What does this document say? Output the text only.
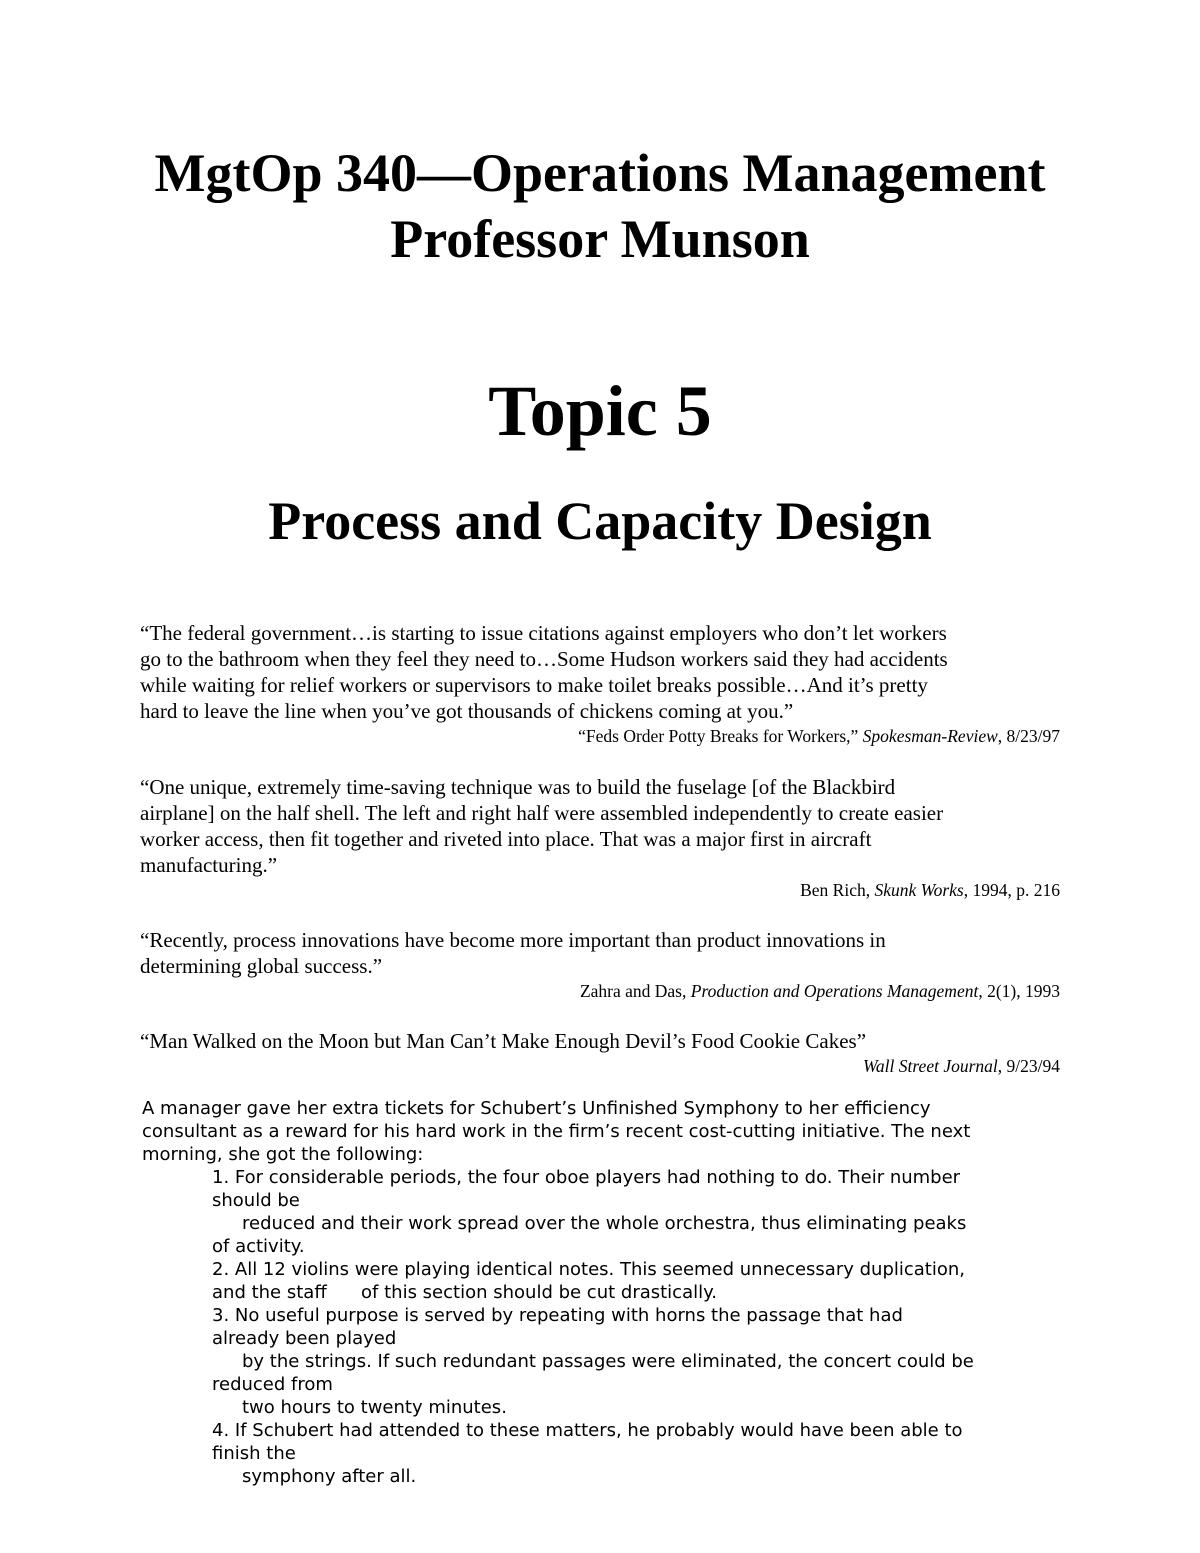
MgtOp 340—Operations Management
Professor Munson
Topic 5
Process and Capacity Design
“The federal government…is starting to issue citations against employers who don’t let workers
go to the bathroom when they feel they need to…Some Hudson workers said they had accidents
while waiting for relief workers or supervisors to make toilet breaks possible…And it’s pretty
hard to leave the line when you’ve got thousands of chickens coming at you.”
“Feds Order Potty Breaks for Workers,” Spokesman-Review, 8/23/97
“One unique, extremely time-saving technique was to build the fuselage [of the Blackbird
airplane] on the half shell. The left and right half were assembled independently to create easier
worker access, then fit together and riveted into place. That was a major first in aircraft
manufacturing.”
Ben Rich, Skunk Works, 1994, p. 216
“Recently, process innovations have become more important than product innovations in
determining global success.”
Zahra and Das, Production and Operations Management, 2(1), 1993
“Man Walked on the Moon but Man Can’t Make Enough Devil’s Food Cookie Cakes”
Wall Street Journal, 9/23/94
A manager gave her extra tickets for Schubert’s Unfinished Symphony to her efficiency
consultant as a reward for his hard work in the firm’s recent cost-cutting initiative. The next
morning, she got the following:
1. For considerable periods, the four oboe players had nothing to do. Their number
should be
reduced and their work spread over the whole orchestra, thus eliminating peaks
of activity.
2. All 12 violins were playing identical notes. This seemed unnecessary duplication,
and the staff      of this section should be cut drastically.
3. No useful purpose is served by repeating with horns the passage that had
already been played
by the strings. If such redundant passages were eliminated, the concert could be
reduced from
two hours to twenty minutes.
4. If Schubert had attended to these matters, he probably would have been able to
finish the
symphony after all.
